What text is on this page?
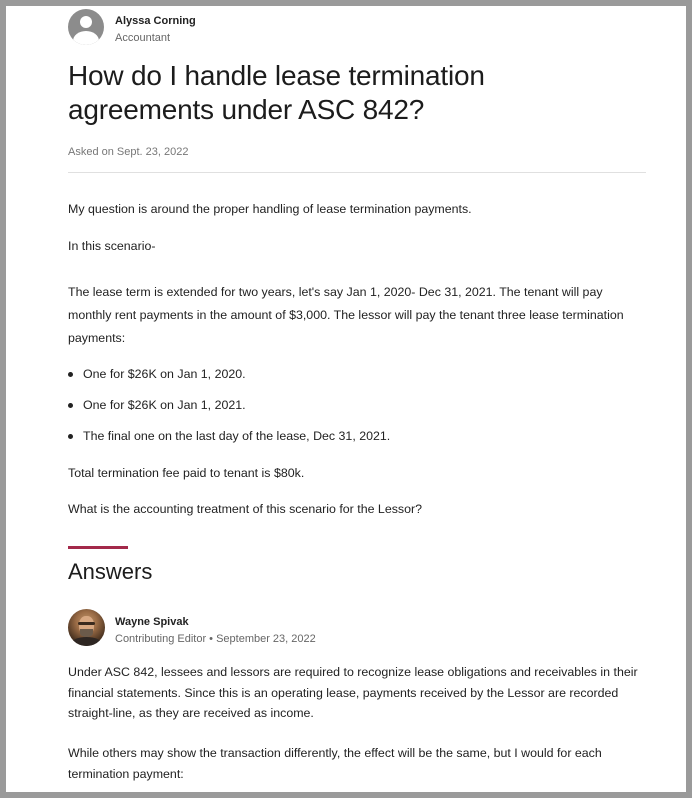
Alyssa Corning
Accountant
How do I handle lease termination agreements under ASC 842?
Asked on Sept. 23, 2022

My question is around the proper handling of lease termination payments.

In this scenario-

The lease term is extended for two years, let's say Jan 1, 2020- Dec 31, 2021. The tenant will pay monthly rent payments in the amount of $3,000. The lessor will pay the tenant three lease termination payments:

One for $26K on Jan 1, 2020.
One for $26K on Jan 1, 2021.
The final one on the last day of the lease, Dec 31, 2021.

Total termination fee paid to tenant is $80k.

What is the accounting treatment of this scenario for the Lessor?

Answers
Wayne Spivak
Contributing Editor • September 23, 2022

Under ASC 842, lessees and lessors are required to recognize lease obligations and receivables in their financial statements. Since this is an operating lease, payments received by the Lessor are recorded straight-line, as they are received as income.

While others may show the transaction differently, the effect will be the same, but I would for each termination payment:
